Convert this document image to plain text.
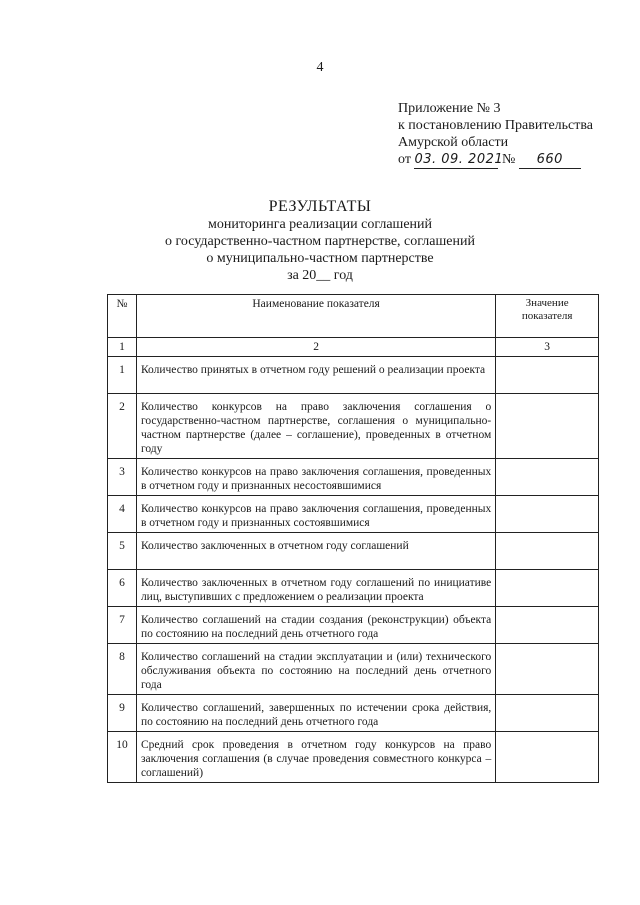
4
Приложение № 3
к постановлению Правительства
Амурской области
от 03. 09. 2021 № 660
РЕЗУЛЬТАТЫ
мониторинга реализации соглашений
о государственно-частном партнерстве, соглашений
о муниципально-частном партнерстве
за 20__ год
№	Наименование показателя	Значение показателя
1	2	3
1	Количество принятых в отчетном году решений о реализации проекта	
2	Количество конкурсов на право заключения соглашения о государственно-частном партнерстве, соглашения о муниципально-частном партнерстве (далее – соглашение), проведенных в отчетном году	
3	Количество конкурсов на право заключения соглашения, проведенных в отчетном году и признанных несостоявшимися	
4	Количество конкурсов на право заключения соглашения, проведенных в отчетном году и признанных состоявшимися	
5	Количество заключенных в отчетном году соглашений	
6	Количество заключенных в отчетном году соглашений по инициативе лиц, выступивших с предложением о реализации проекта	
7	Количество соглашений на стадии создания (реконструкции) объекта по состоянию на последний день отчетного года	
8	Количество соглашений на стадии эксплуатации и (или) технического обслуживания объекта по состоянию на последний день отчетного года	
9	Количество соглашений, завершенных по истечении срока действия, по состоянию на последний день отчетного года	
10	Средний срок проведения в отчетном году конкурсов на право заключения соглашения (в случае проведения совместного конкурса – соглашений)	
